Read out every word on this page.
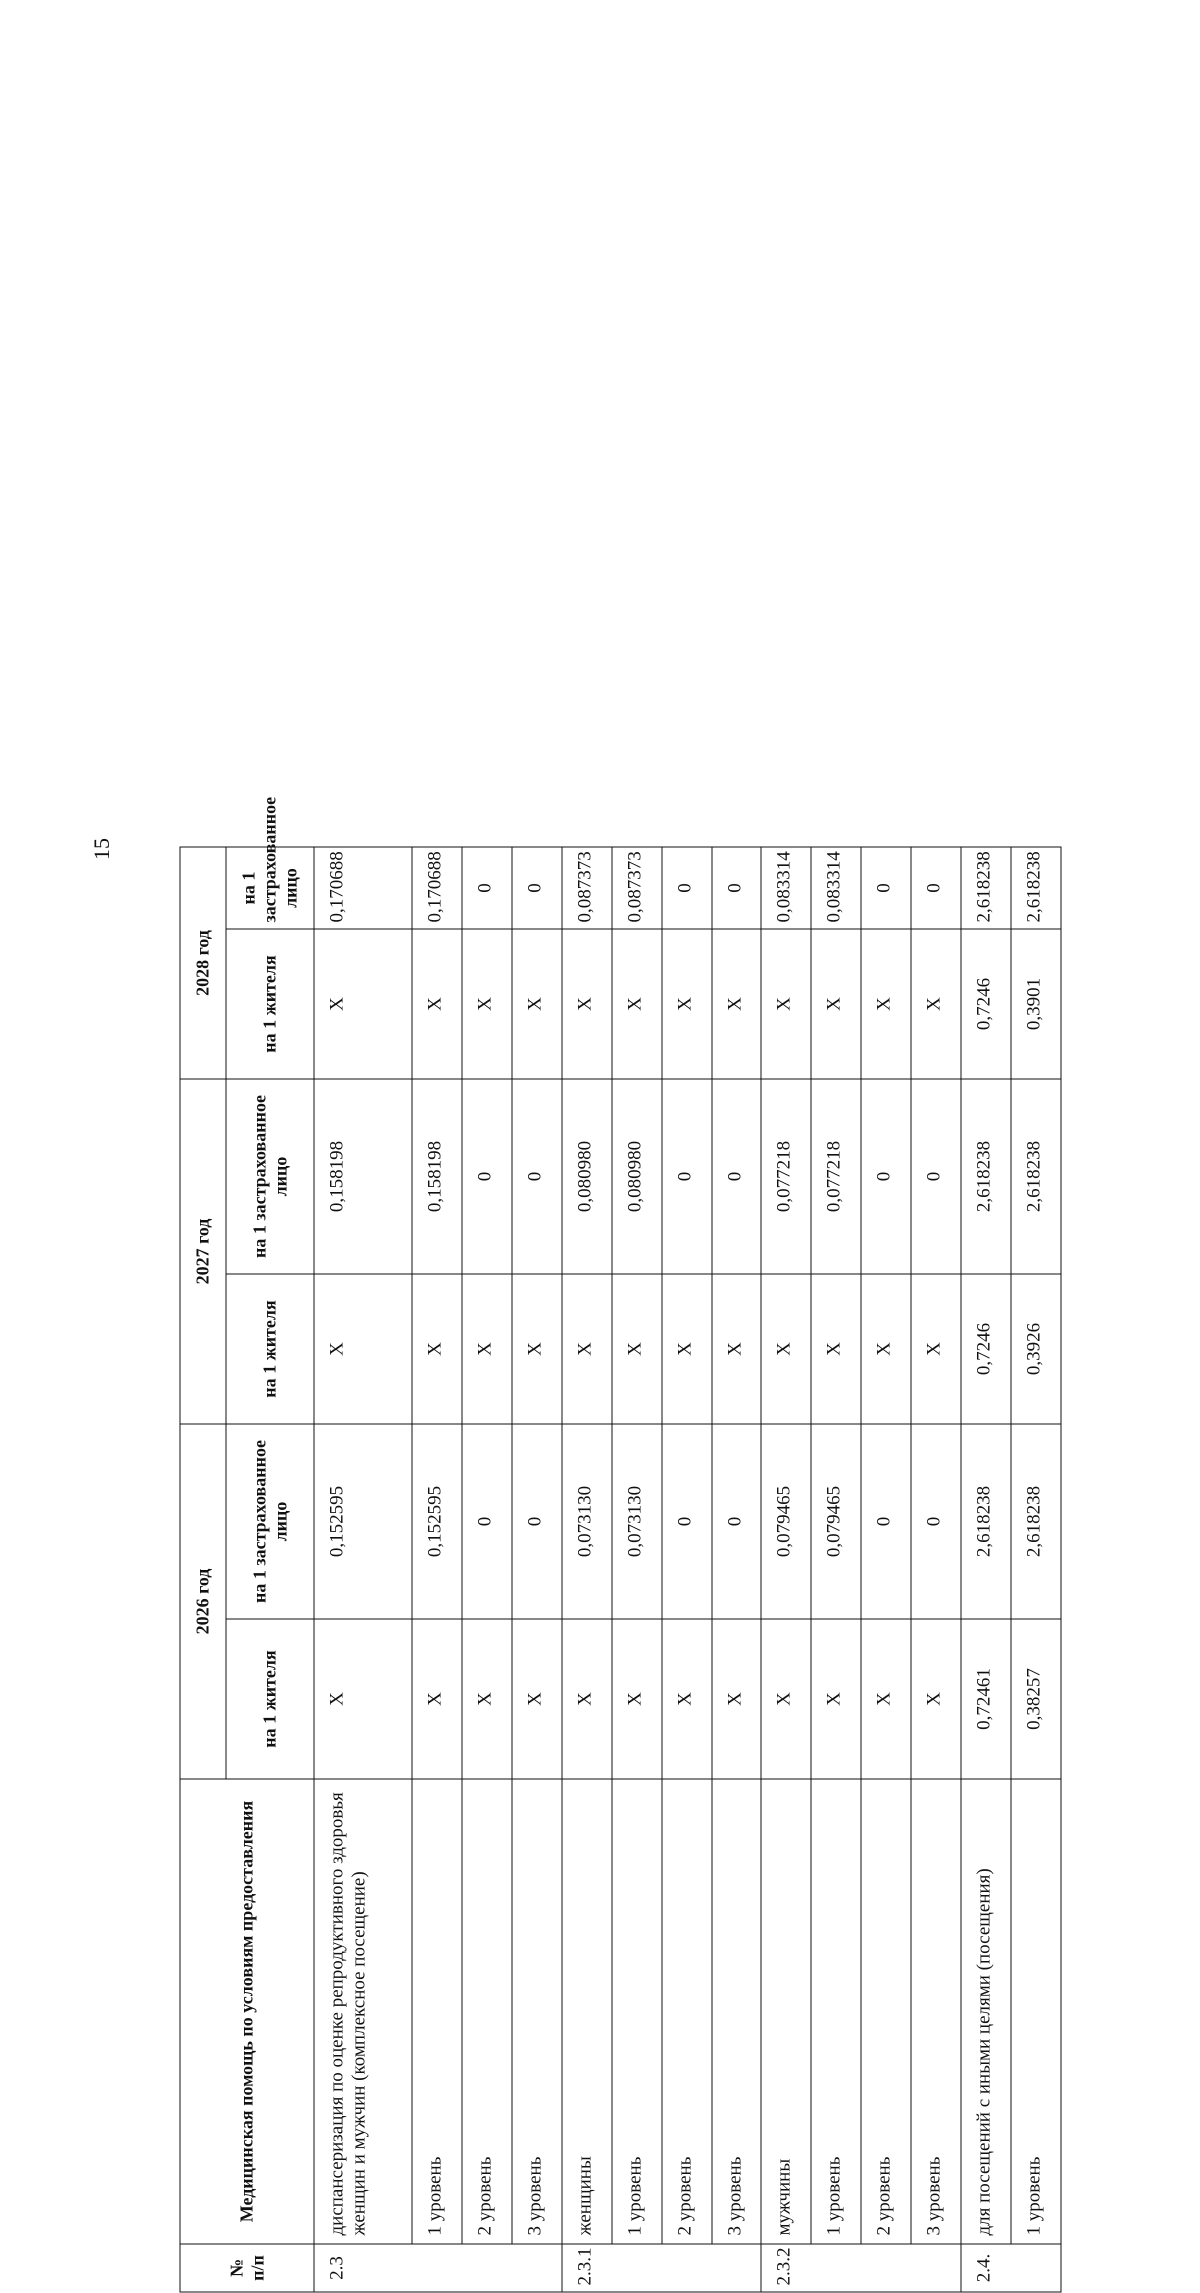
15
№ п/п	Медицинская помощь по условиям предоставления	2026 год		2027 год		2028 год	
		на 1 жителя	на 1 застрахованное лицо	на 1 жителя	на 1 застрахованное лицо	на 1 жителя	на 1 застрахованное лицо
2.3	диспансеризация по оценке репродуктивного здоровья женщин и мужчин (комплексное посещение)	X	0,152595	X	0,158198	X	0,170688
	1 уровень	X	0,152595	X	0,158198	X	0,170688
	2 уровень	X	0	X	0	X	0
	3 уровень	X	0	X	0	X	0
2.3.1	женщины	X	0,073130	X	0,080980	X	0,087373
	1 уровень	X	0,073130	X	0,080980	X	0,087373
	2 уровень	X	0	X	0	X	0
	3 уровень	X	0	X	0	X	0
2.3.2	мужчины	X	0,079465	X	0,077218	X	0,083314
	1 уровень	X	0,079465	X	0,077218	X	0,083314
	2 уровень	X	0	X	0	X	0
	3 уровень	X	0	X	0	X	0
2.4.	для посещений с иными целями (посещения)	0,72461	2,618238	0,7246	2,618238	0,7246	2,618238
	1 уровень	0,38257	2,618238	0,3926	2,618238	0,3901	2,618238
